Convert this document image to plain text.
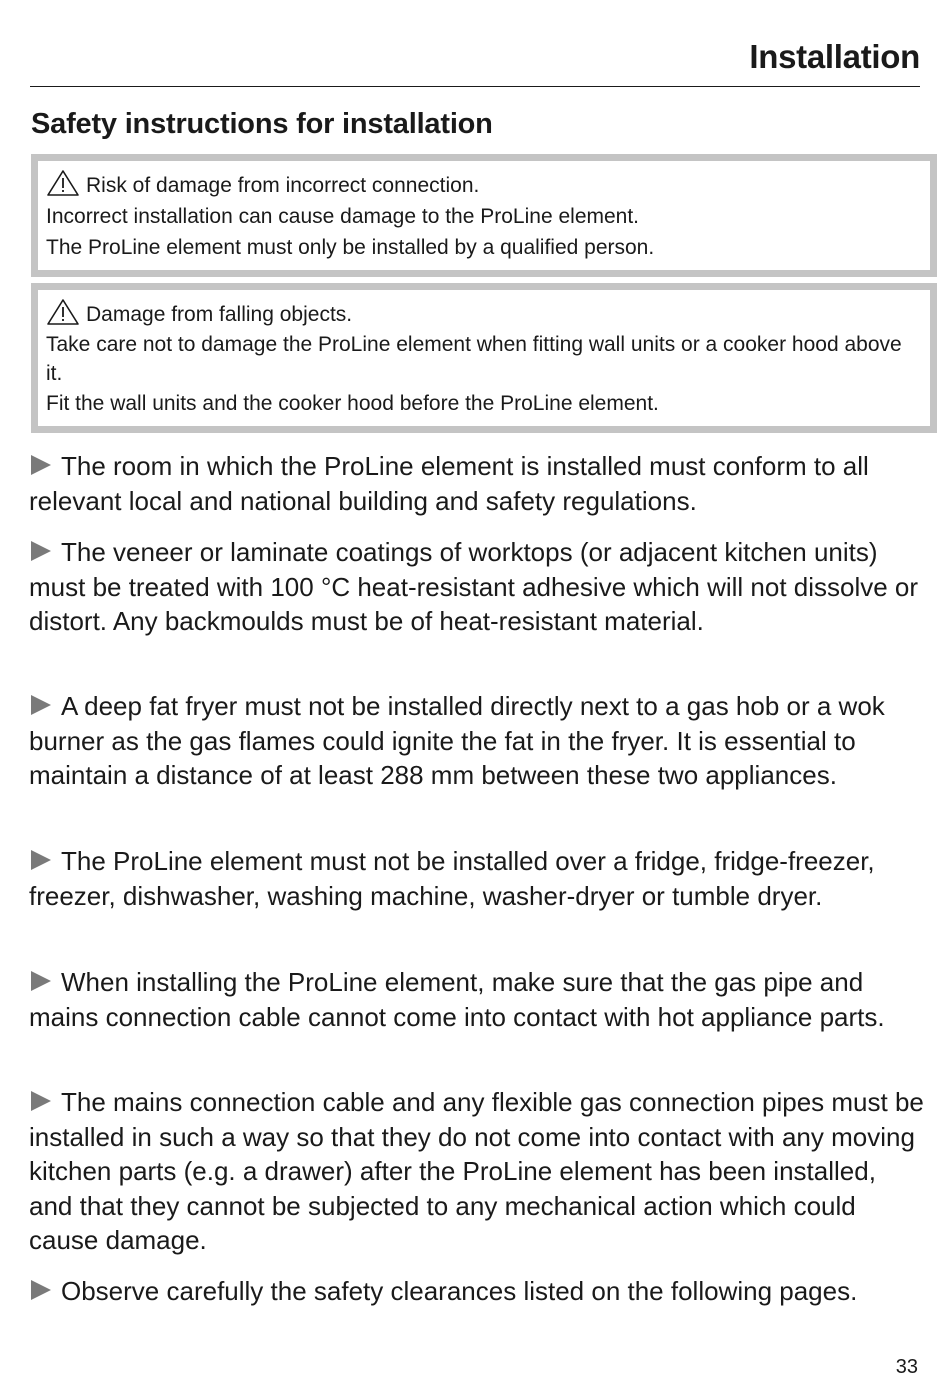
Installation
Safety instructions for installation
Risk of damage from incorrect connection.
Incorrect installation can cause damage to the ProLine element.
The ProLine element must only be installed by a qualified person.
Damage from falling objects.
Take care not to damage the ProLine element when fitting wall units or a cooker hood above it.
Fit the wall units and the cooker hood before the ProLine element.
The room in which the ProLine element is installed must conform to all relevant local and national building and safety regulations.
The veneer or laminate coatings of worktops (or adjacent kitchen units) must be treated with 100 °C heat-resistant adhesive which will not dissolve or distort. Any backmoulds must be of heat-resistant material.
A deep fat fryer must not be installed directly next to a gas hob or a wok burner as the gas flames could ignite the fat in the fryer. It is essential to maintain a distance of at least 288 mm between these two appliances.
The ProLine element must not be installed over a fridge, fridge-freezer, freezer, dishwasher, washing machine, washer-dryer or tumble dryer.
When installing the ProLine element, make sure that the gas pipe and mains connection cable cannot come into contact with hot appliance parts.
The mains connection cable and any flexible gas connection pipes must be installed in such a way so that they do not come into contact with any moving kitchen parts (e.g. a drawer) after the ProLine element has been installed, and that they cannot be subjected to any mechanical action which could cause damage.
Observe carefully the safety clearances listed on the following pages.
33
